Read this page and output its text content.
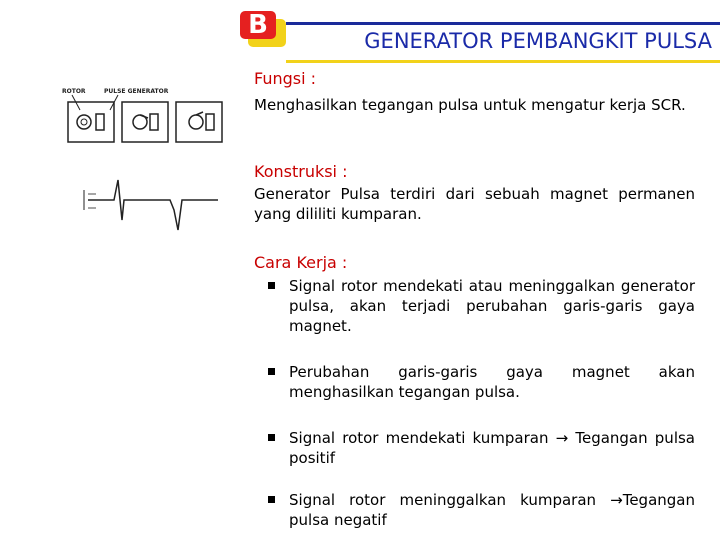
B
GENERATOR PEMBANGKIT PULSA
ROTOR	PULSE GENERATOR
Fungsi :
Menghasilkan tegangan pulsa untuk mengatur kerja SCR.
Konstruksi :
Generator Pulsa terdiri dari sebuah magnet permanen yang dililiti kumparan.
Cara Kerja :
Signal rotor mendekati atau meninggalkan generator pulsa, akan terjadi perubahan garis-garis gaya magnet.
Perubahan garis-garis gaya magnet akan menghasilkan tegangan pulsa.
Signal rotor mendekati kumparan → Tegangan pulsa positif
Signal rotor meninggalkan kumparan →Tegangan pulsa negatif
